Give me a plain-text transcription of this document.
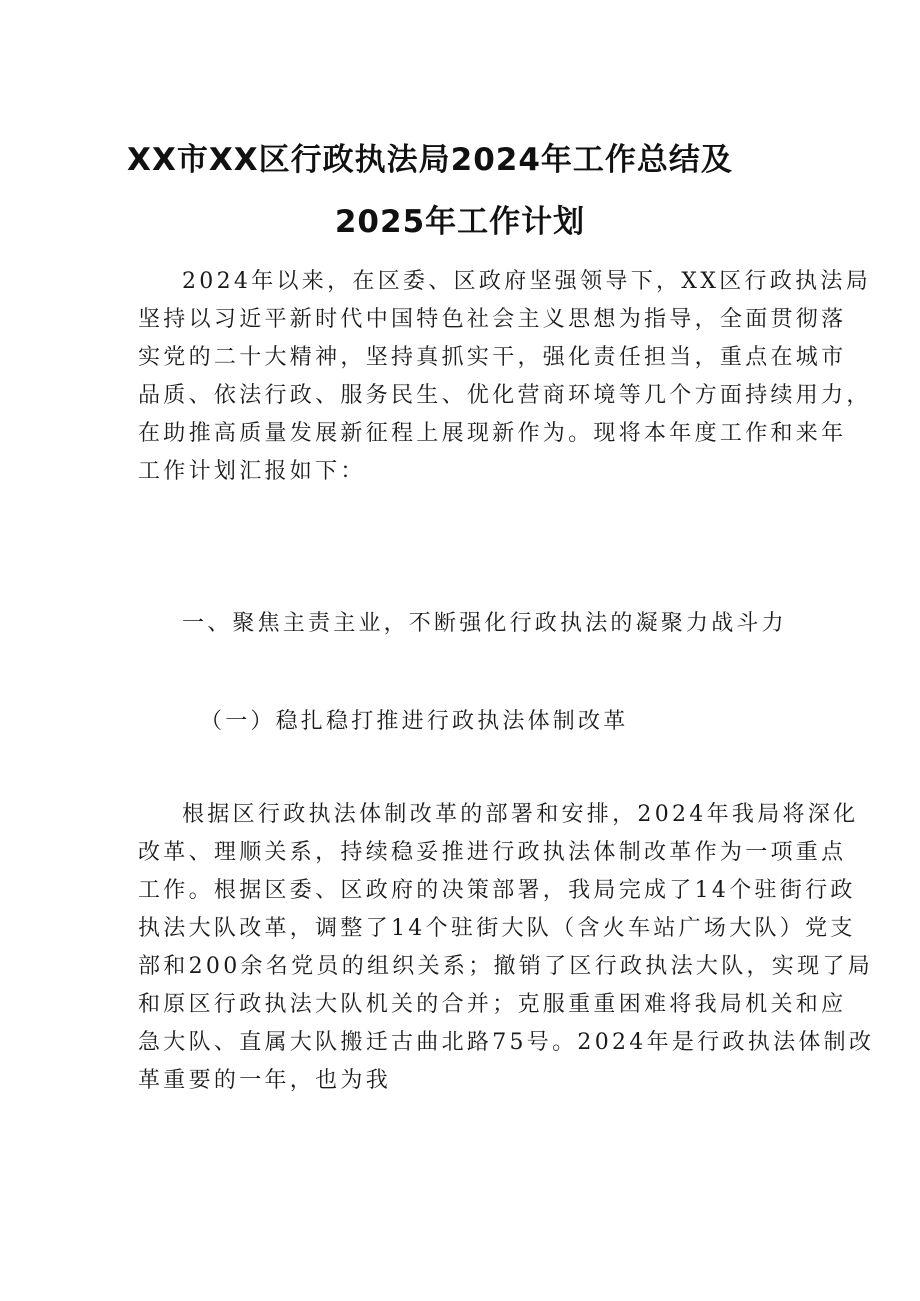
XX市XX区行政执法局2024年工作总结及
2025年工作计划
2024年以来，在区委、区政府坚强领导下，XX区行政执法局
坚持以习近平新时代中国特色社会主义思想为指导，全面贯彻落
实党的二十大精神，坚持真抓实干，强化责任担当，重点在城市
品质、依法行政、服务民生、优化营商环境等几个方面持续用力，
在助推高质量发展新征程上展现新作为。现将本年度工作和来年
工作计划汇报如下：
一、聚焦主责主业，不断强化行政执法的凝聚力战斗力
（一）稳扎稳打推进行政执法体制改革
根据区行政执法体制改革的部署和安排，2024年我局将深化
改革、理顺关系，持续稳妥推进行政执法体制改革作为一项重点
工作。根据区委、区政府的决策部署，我局完成了14个驻街行政
执法大队改革，调整了14个驻街大队（含火车站广场大队）党支
部和200余名党员的组织关系；撤销了区行政执法大队，实现了局
和原区行政执法大队机关的合并；克服重重困难将我局机关和应
急大队、直属大队搬迁古曲北路75号。2024年是行政执法体制改
革重要的一年，也为我
